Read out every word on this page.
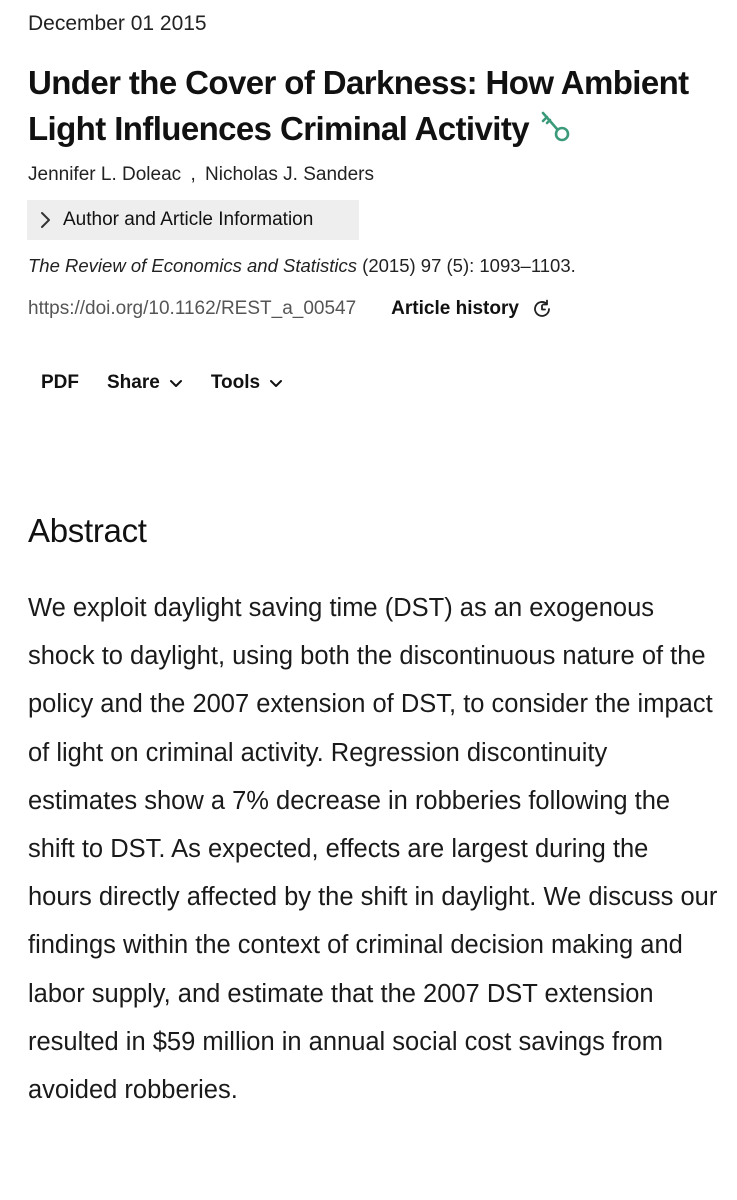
December 01 2015
Under the Cover of Darkness: How Ambient Light Influences Criminal Activity
Jennifer L. Doleac , Nicholas J. Sanders
Author and Article Information
The Review of Economics and Statistics (2015) 97 (5): 1093–1103.
https://doi.org/10.1162/REST_a_00547 Article history
PDF Share	Tools
Abstract

We exploit daylight saving time (DST) as an exogenous shock to daylight, using both the discontinuous nature of the policy and the 2007 extension of DST, to consider the impact of light on criminal activity. Regression discontinuity estimates show a 7% decrease in robberies following the shift to DST. As expected, effects are largest during the hours directly affected by the shift in daylight. We discuss our findings within the context of criminal decision making and labor supply, and estimate that the 2007 DST extension resulted in $59 million in annual social cost savings from avoided robberies.
